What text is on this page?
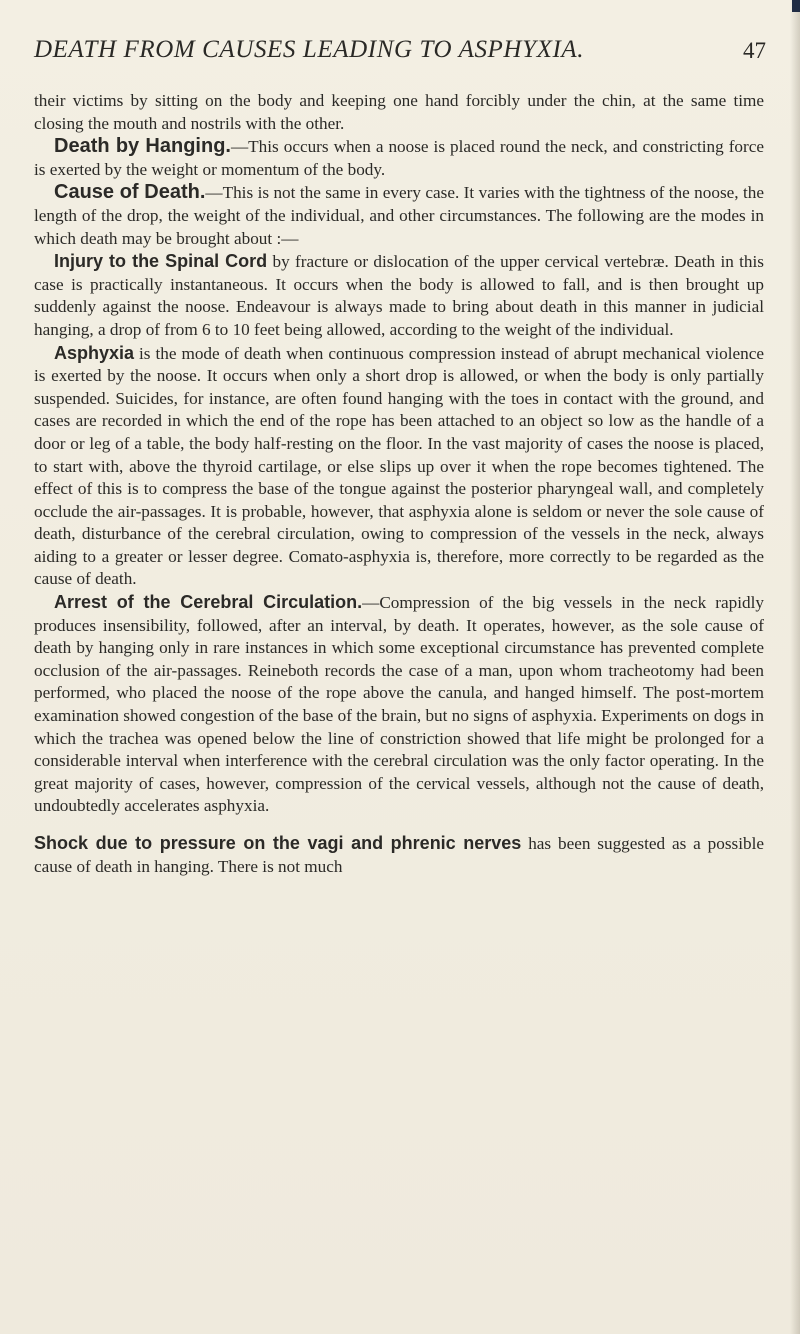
DEATH FROM CAUSES LEADING TO ASPHYXIA.	47

their victims by sitting on the body and keeping one hand forcibly under the chin, at the same time closing the mouth and nostrils with the other.

Death by Hanging.—This occurs when a noose is placed round the neck, and constricting force is exerted by the weight or momentum of the body.

Cause of Death.—This is not the same in every case. It varies with the tightness of the noose, the length of the drop, the weight of the individual, and other circumstances. The following are the modes in which death may be brought about :—

Injury to the Spinal Cord by fracture or dislocation of the upper cervical vertebræ. Death in this case is practically instantaneous. It occurs when the body is allowed to fall, and is then brought up suddenly against the noose. Endeavour is always made to bring about death in this manner in judicial hanging, a drop of from 6 to 10 feet being allowed, according to the weight of the individual.

Asphyxia is the mode of death when continuous compression instead of abrupt mechanical violence is exerted by the noose. It occurs when only a short drop is allowed, or when the body is only partially suspended. Suicides, for instance, are often found hanging with the toes in contact with the ground, and cases are recorded in which the end of the rope has been attached to an object so low as the handle of a door or leg of a table, the body half-resting on the floor. In the vast majority of cases the noose is placed, to start with, above the thyroid cartilage, or else slips up over it when the rope becomes tightened. The effect of this is to compress the base of the tongue against the posterior pharyngeal wall, and completely occlude the air-passages. It is probable, however, that asphyxia alone is seldom or never the sole cause of death, disturbance of the cerebral circulation, owing to compression of the vessels in the neck, always aiding to a greater or lesser degree. Comato-asphyxia is, therefore, more correctly to be regarded as the cause of death.

Arrest of the Cerebral Circulation.—Compression of the big vessels in the neck rapidly produces insensibility, followed, after an interval, by death. It operates, however, as the sole cause of death by hanging only in rare instances in which some exceptional circumstance has prevented complete occlusion of the air-passages. Reineboth records the case of a man, upon whom tracheotomy had been performed, who placed the noose of the rope above the canula, and hanged himself. The post-mortem examination showed congestion of the base of the brain, but no signs of asphyxia. Experiments on dogs in which the trachea was opened below the line of constriction showed that life might be prolonged for a considerable interval when interference with the cerebral circulation was the only factor operating. In the great majority of cases, however, compression of the cervical vessels, although not the cause of death, undoubtedly accelerates asphyxia.

Shock due to pressure on the vagi and phrenic nerves has been suggested as a possible cause of death in hanging. There is not much
